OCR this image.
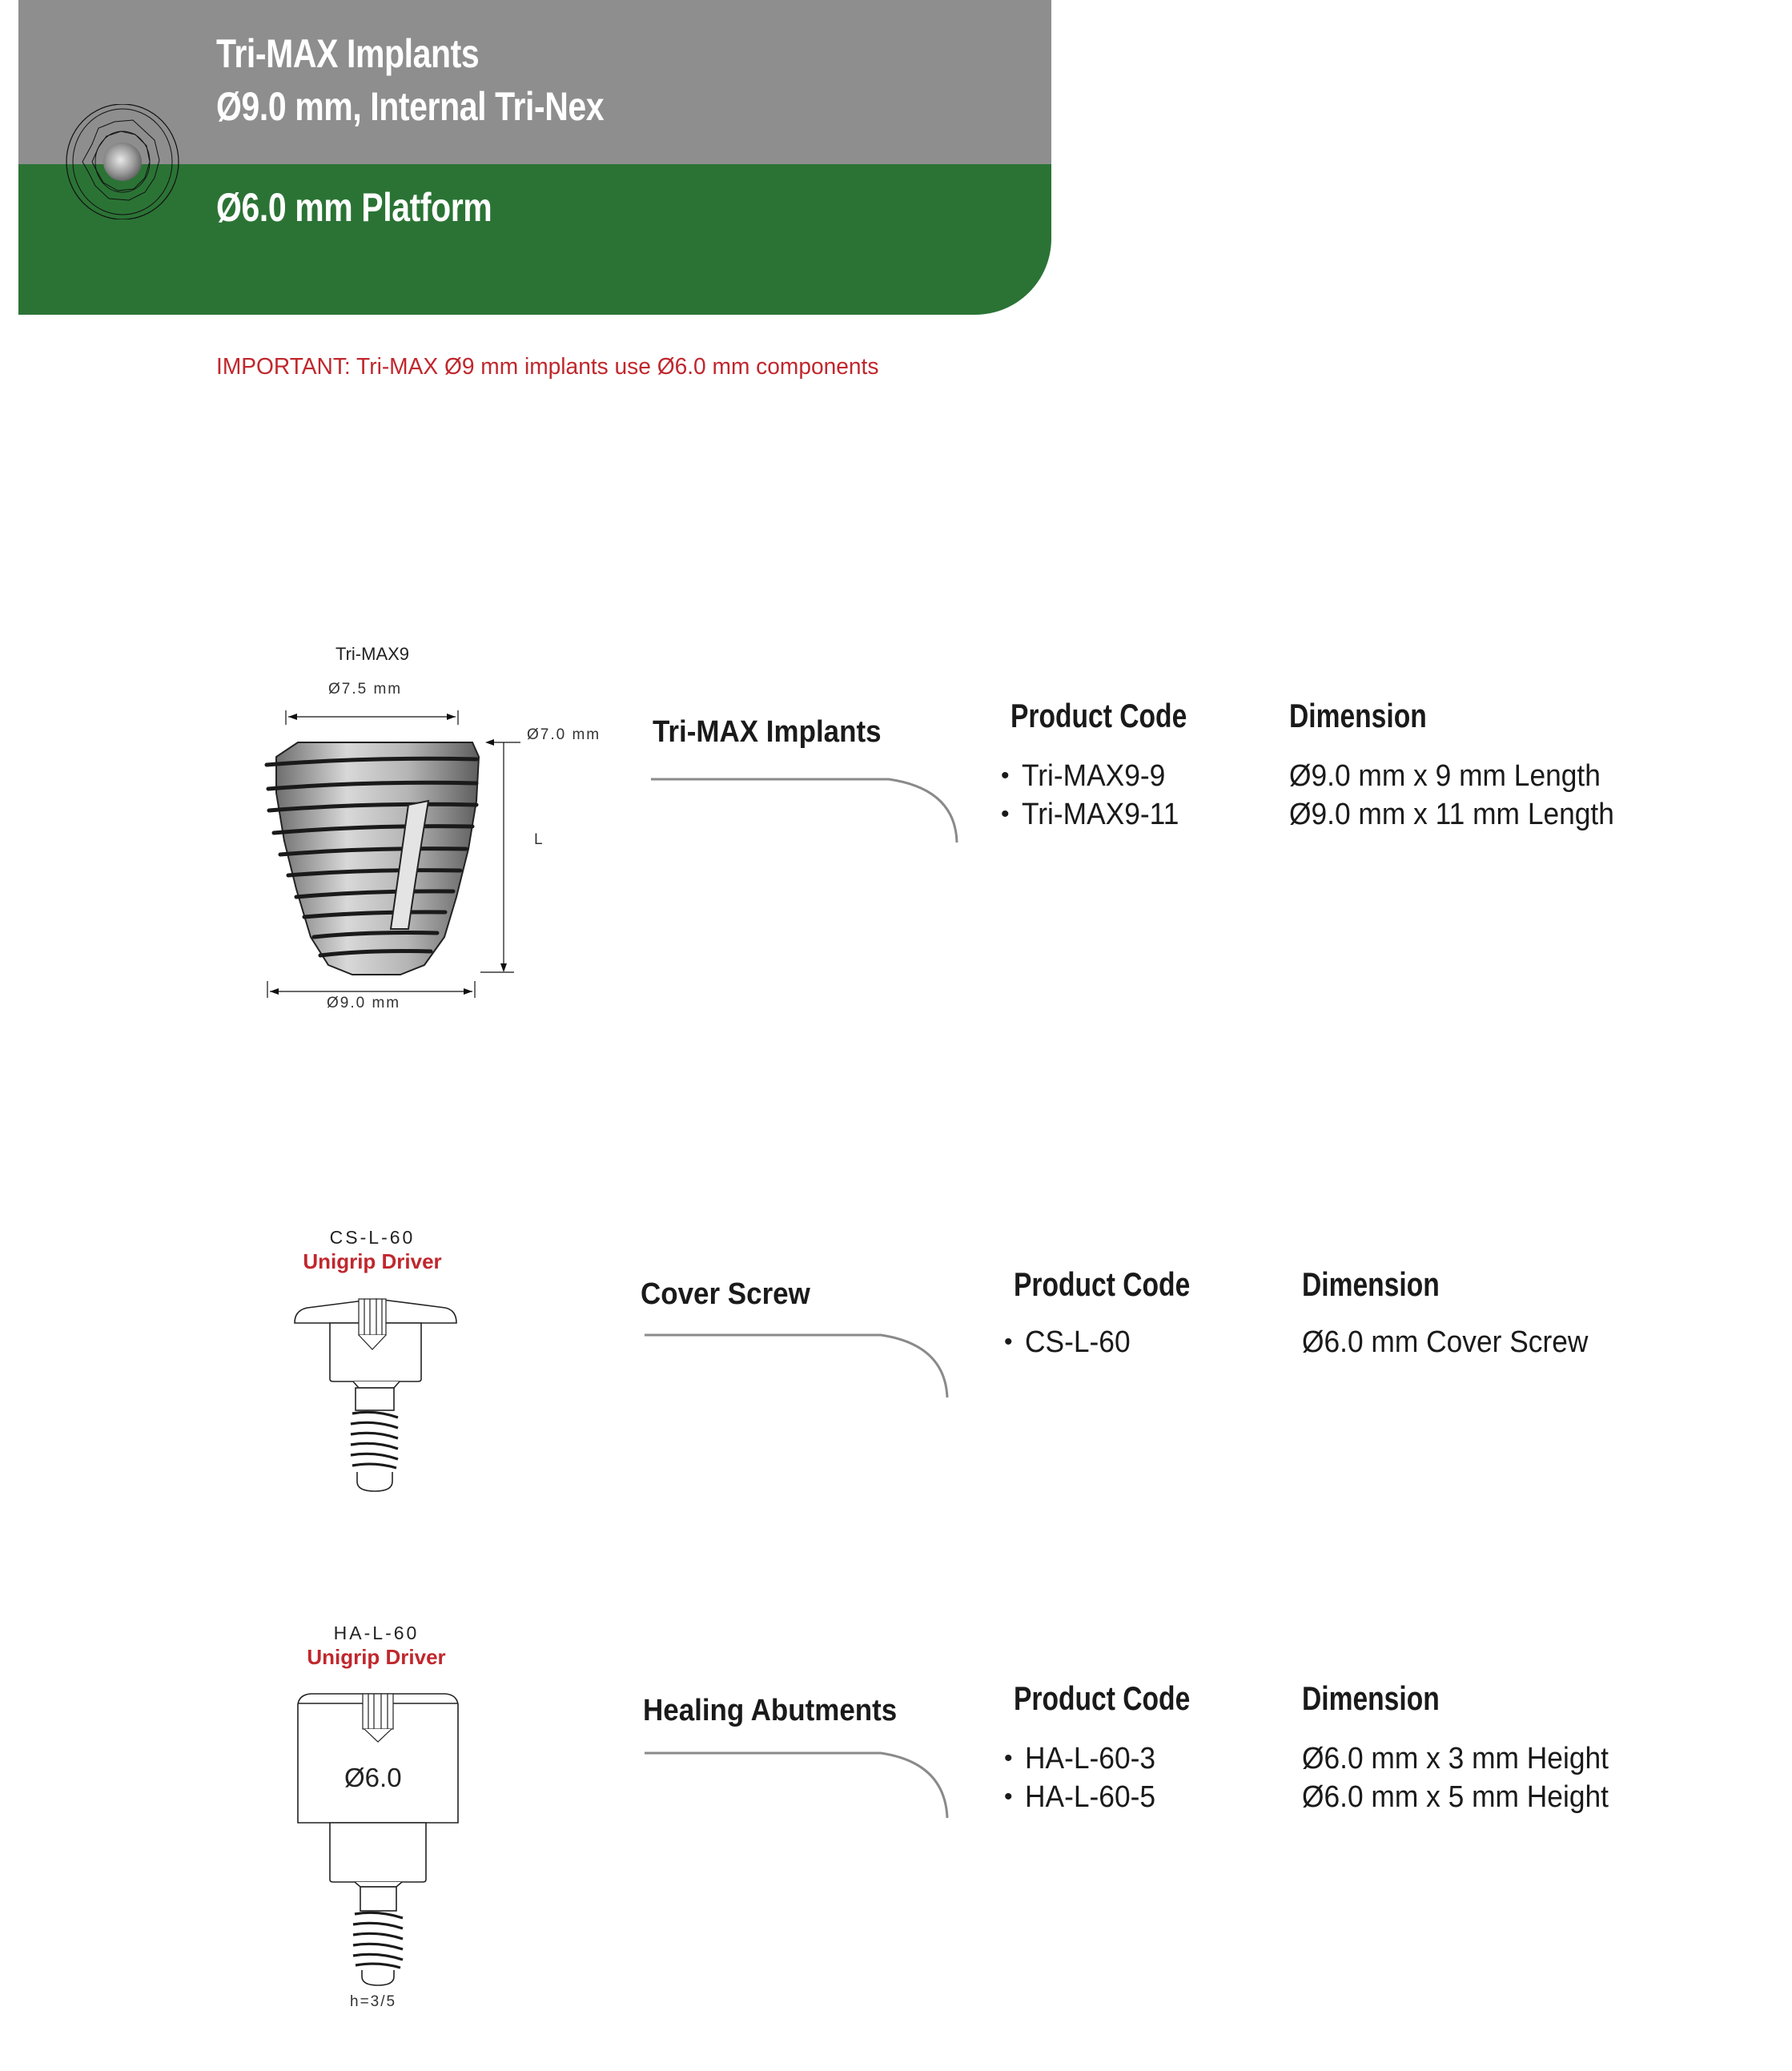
Tri-MAX Implants
Ø9.0 mm, Internal Tri-Nex
Ø6.0 mm Platform
IMPORTANT: Tri-MAX Ø9 mm implants use Ø6.0 mm components
Tri-MAX9
Ø7.5 mm
Ø7.0 mm
L
Ø9.0 mm
Tri-MAX Implants	Product Code	Dimension
• Tri-MAX9-9	Ø9.0 mm x 9 mm Length
• Tri-MAX9-11	Ø9.0 mm x 11 mm Length
CS-L-60
Unigrip Driver
Cover Screw	Product Code	Dimension
• CS-L-60	Ø6.0 mm Cover Screw
HA-L-60
Unigrip Driver
Ø6.0
h=3/5
Healing Abutments	Product Code	Dimension
• HA-L-60-3	Ø6.0 mm x 3 mm Height
• HA-L-60-5	Ø6.0 mm x 5 mm Height
